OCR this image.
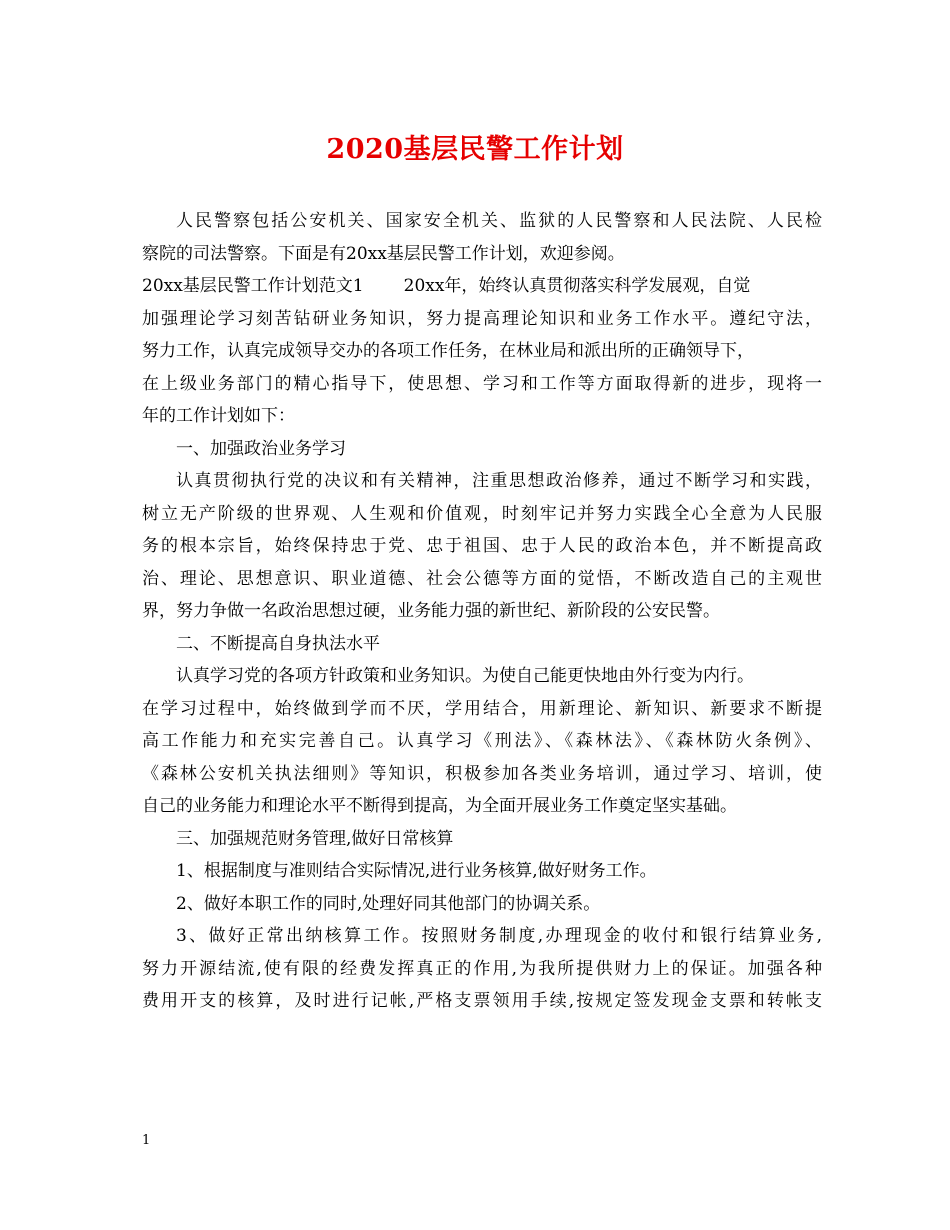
2020基层民警工作计划
人民警察包括公安机关、国家安全机关、监狱的人民警察和人民法院、人民检
察院的司法警察。下面是有20xx基层民警工作计划，欢迎参阅。
20xx基层民警工作计划范文1 20xx年，始终认真贯彻落实科学发展观，自觉
加强理论学习刻苦钻研业务知识，努力提高理论知识和业务工作水平。遵纪守法，
努力工作，认真完成领导交办的各项工作任务，在林业局和派出所的正确领导下，
在上级业务部门的精心指导下，使思想、学习和工作等方面取得新的进步，现将一
年的工作计划如下：
一、加强政治业务学习
认真贯彻执行党的决议和有关精神，注重思想政治修养，通过不断学习和实践，
树立无产阶级的世界观、人生观和价值观，时刻牢记并努力实践全心全意为人民服
务的根本宗旨，始终保持忠于党、忠于祖国、忠于人民的政治本色，并不断提高政
治、理论、思想意识、职业道德、社会公德等方面的觉悟，不断改造自己的主观世
界，努力争做一名政治思想过硬，业务能力强的新世纪、新阶段的公安民警。
二、不断提高自身执法水平
认真学习党的各项方针政策和业务知识。为使自己能更快地由外行变为内行。
在学习过程中，始终做到学而不厌，学用结合，用新理论、新知识、新要求不断提
高工作能力和充实完善自己。认真学习《刑法》、《森林法》、《森林防火条例》、
《森林公安机关执法细则》等知识，积极参加各类业务培训，通过学习、培训，使
自己的业务能力和理论水平不断得到提高，为全面开展业务工作奠定坚实基础。
三、加强规范财务管理,做好日常核算
1、根据制度与准则结合实际情况,进行业务核算,做好财务工作。
2、做好本职工作的同时,处理好同其他部门的协调关系。
3、做好正常出纳核算工作。按照财务制度,办理现金的收付和银行结算业务,
努力开源结流,使有限的经费发挥真正的作用,为我所提供财力上的保证。加强各种
费用开支的核算，及时进行记帐,严格支票领用手续,按规定签发现金支票和转帐支
1
